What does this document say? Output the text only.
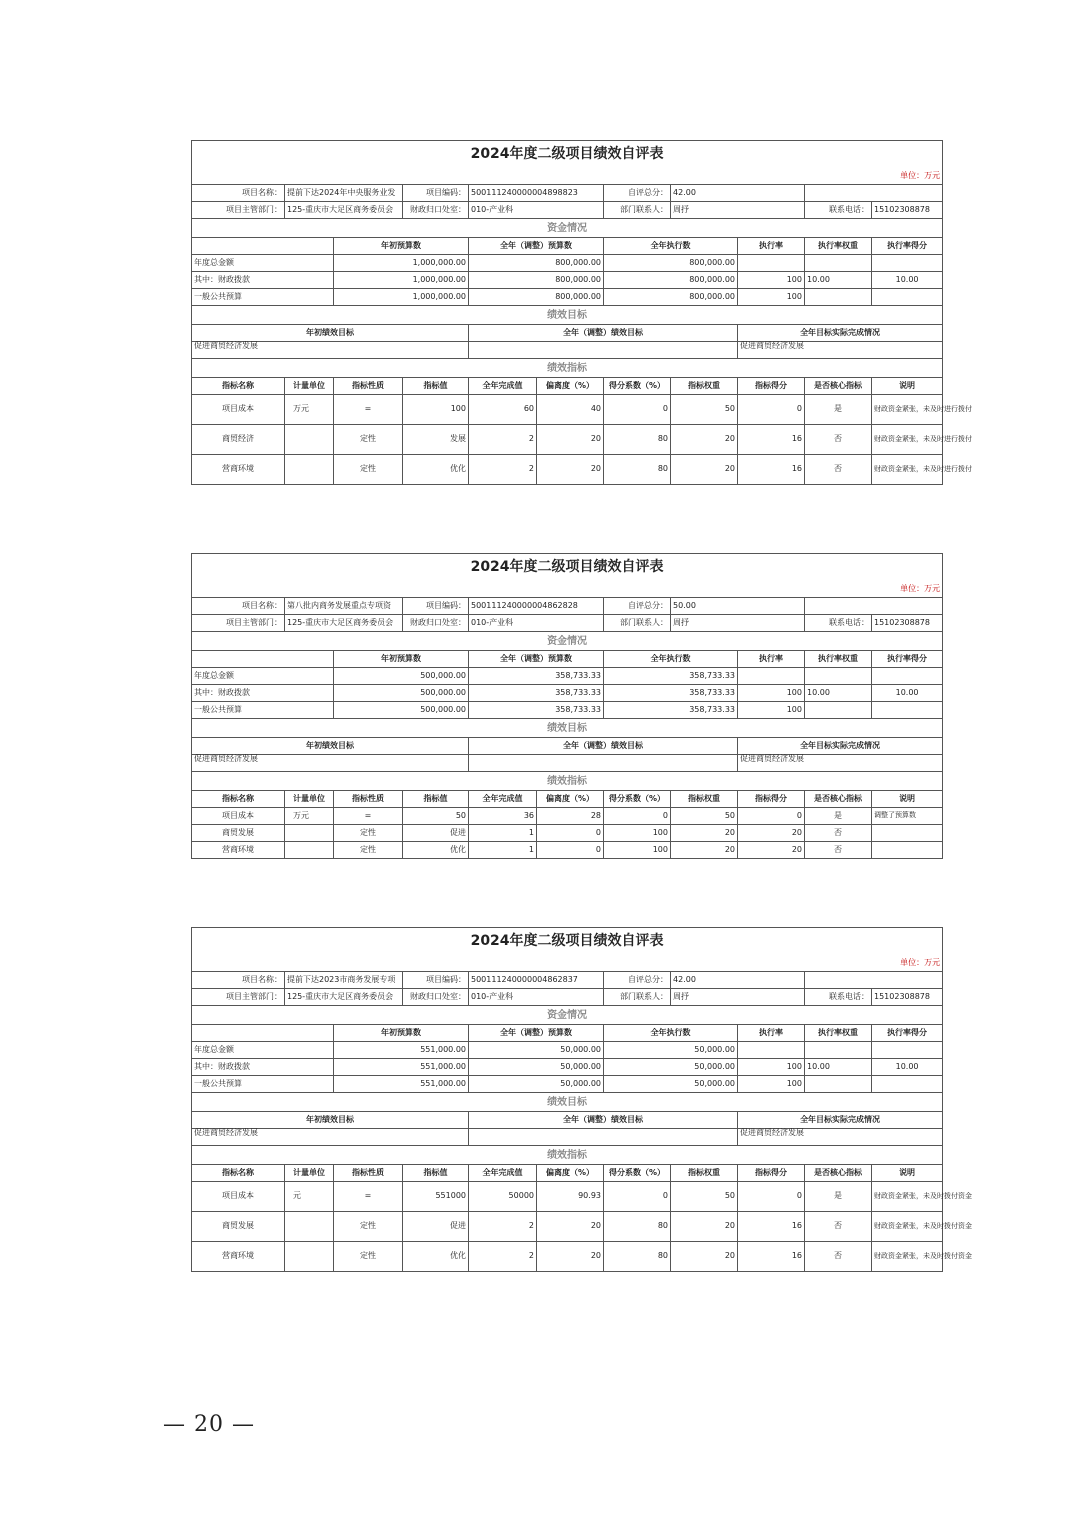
2024年度二级项目绩效自评表										
单位：万元										
项目名称：	提前下达2024年中央服务业发		项目编码：	500111240000004898823		自评总分：	42.00			
项目主管部门：	125-重庆市大足区商务委员会		财政归口处室：	010-产业科		部门联系人：	周抒		联系电话：	15102308878
资金情况										
		年初预算数		全年（调整）预算数		全年执行数		执行率	执行率权重	执行率得分
年度总金额		1,000,000.00		800,000.00		800,000.00				
其中：财政拨款		1,000,000.00		800,000.00		800,000.00		100	10.00	10.00
一般公共预算		1,000,000.00		800,000.00		800,000.00		100		
绩效目标										
年初绩效目标				全年（调整）绩效目标				全年目标实际完成情况		
促进商贸经济发展								促进商贸经济发展		
绩效指标										
指标名称	计量单位	指标性质	指标值	全年完成值	偏离度（%）	得分系数（%）	指标权重	指标得分	是否核心指标	说明
项目成本	万元	=	100	60	40	0	50	0	是	财政资金紧张，未及时进行拨付
商贸经济		定性	发展	2	20	80	20	16	否	财政资金紧张，未及时进行拨付
营商环境		定性	优化	2	20	80	20	16	否	财政资金紧张，未及时进行拨付
2024年度二级项目绩效自评表										
单位：万元										
项目名称：	第八批内商务发展重点专项资		项目编码：	500111240000004862828		自评总分：	50.00			
项目主管部门：	125-重庆市大足区商务委员会		财政归口处室：	010-产业科		部门联系人：	周抒		联系电话：	15102308878
资金情况										
		年初预算数		全年（调整）预算数		全年执行数		执行率	执行率权重	执行率得分
年度总金额		500,000.00		358,733.33		358,733.33				
其中：财政拨款		500,000.00		358,733.33		358,733.33		100	10.00	10.00
一般公共预算		500,000.00		358,733.33		358,733.33		100		
绩效目标										
年初绩效目标				全年（调整）绩效目标				全年目标实际完成情况		
促进商贸经济发展								促进商贸经济发展		
绩效指标										
指标名称	计量单位	指标性质	指标值	全年完成值	偏离度（%）	得分系数（%）	指标权重	指标得分	是否核心指标	说明
项目成本	万元	=	50	36	28	0	50	0	是	调整了预算数
商贸发展		定性	促进	1	0	100	20	20	否	
营商环境		定性	优化	1	0	100	20	20	否	
2024年度二级项目绩效自评表										
单位：万元										
项目名称：	提前下达2023市商务发展专项		项目编码：	500111240000004862837		自评总分：	42.00			
项目主管部门：	125-重庆市大足区商务委员会		财政归口处室：	010-产业科		部门联系人：	周抒		联系电话：	15102308878
资金情况										
		年初预算数		全年（调整）预算数		全年执行数		执行率	执行率权重	执行率得分
年度总金额		551,000.00		50,000.00		50,000.00				
其中：财政拨款		551,000.00		50,000.00		50,000.00		100	10.00	10.00
一般公共预算		551,000.00		50,000.00		50,000.00		100		
绩效目标										
年初绩效目标				全年（调整）绩效目标				全年目标实际完成情况		
促进商贸经济发展								促进商贸经济发展		
绩效指标										
指标名称	计量单位	指标性质	指标值	全年完成值	偏离度（%）	得分系数（%）	指标权重	指标得分	是否核心指标	说明
项目成本	元	=	551000	50000	90.93	0	50	0	是	财政资金紧张，未及时拨付资金
商贸发展		定性	促进	2	20	80	20	16	否	财政资金紧张，未及时拨付资金
营商环境		定性	优化	2	20	80	20	16	否	财政资金紧张，未及时拨付资金
— 20 —
